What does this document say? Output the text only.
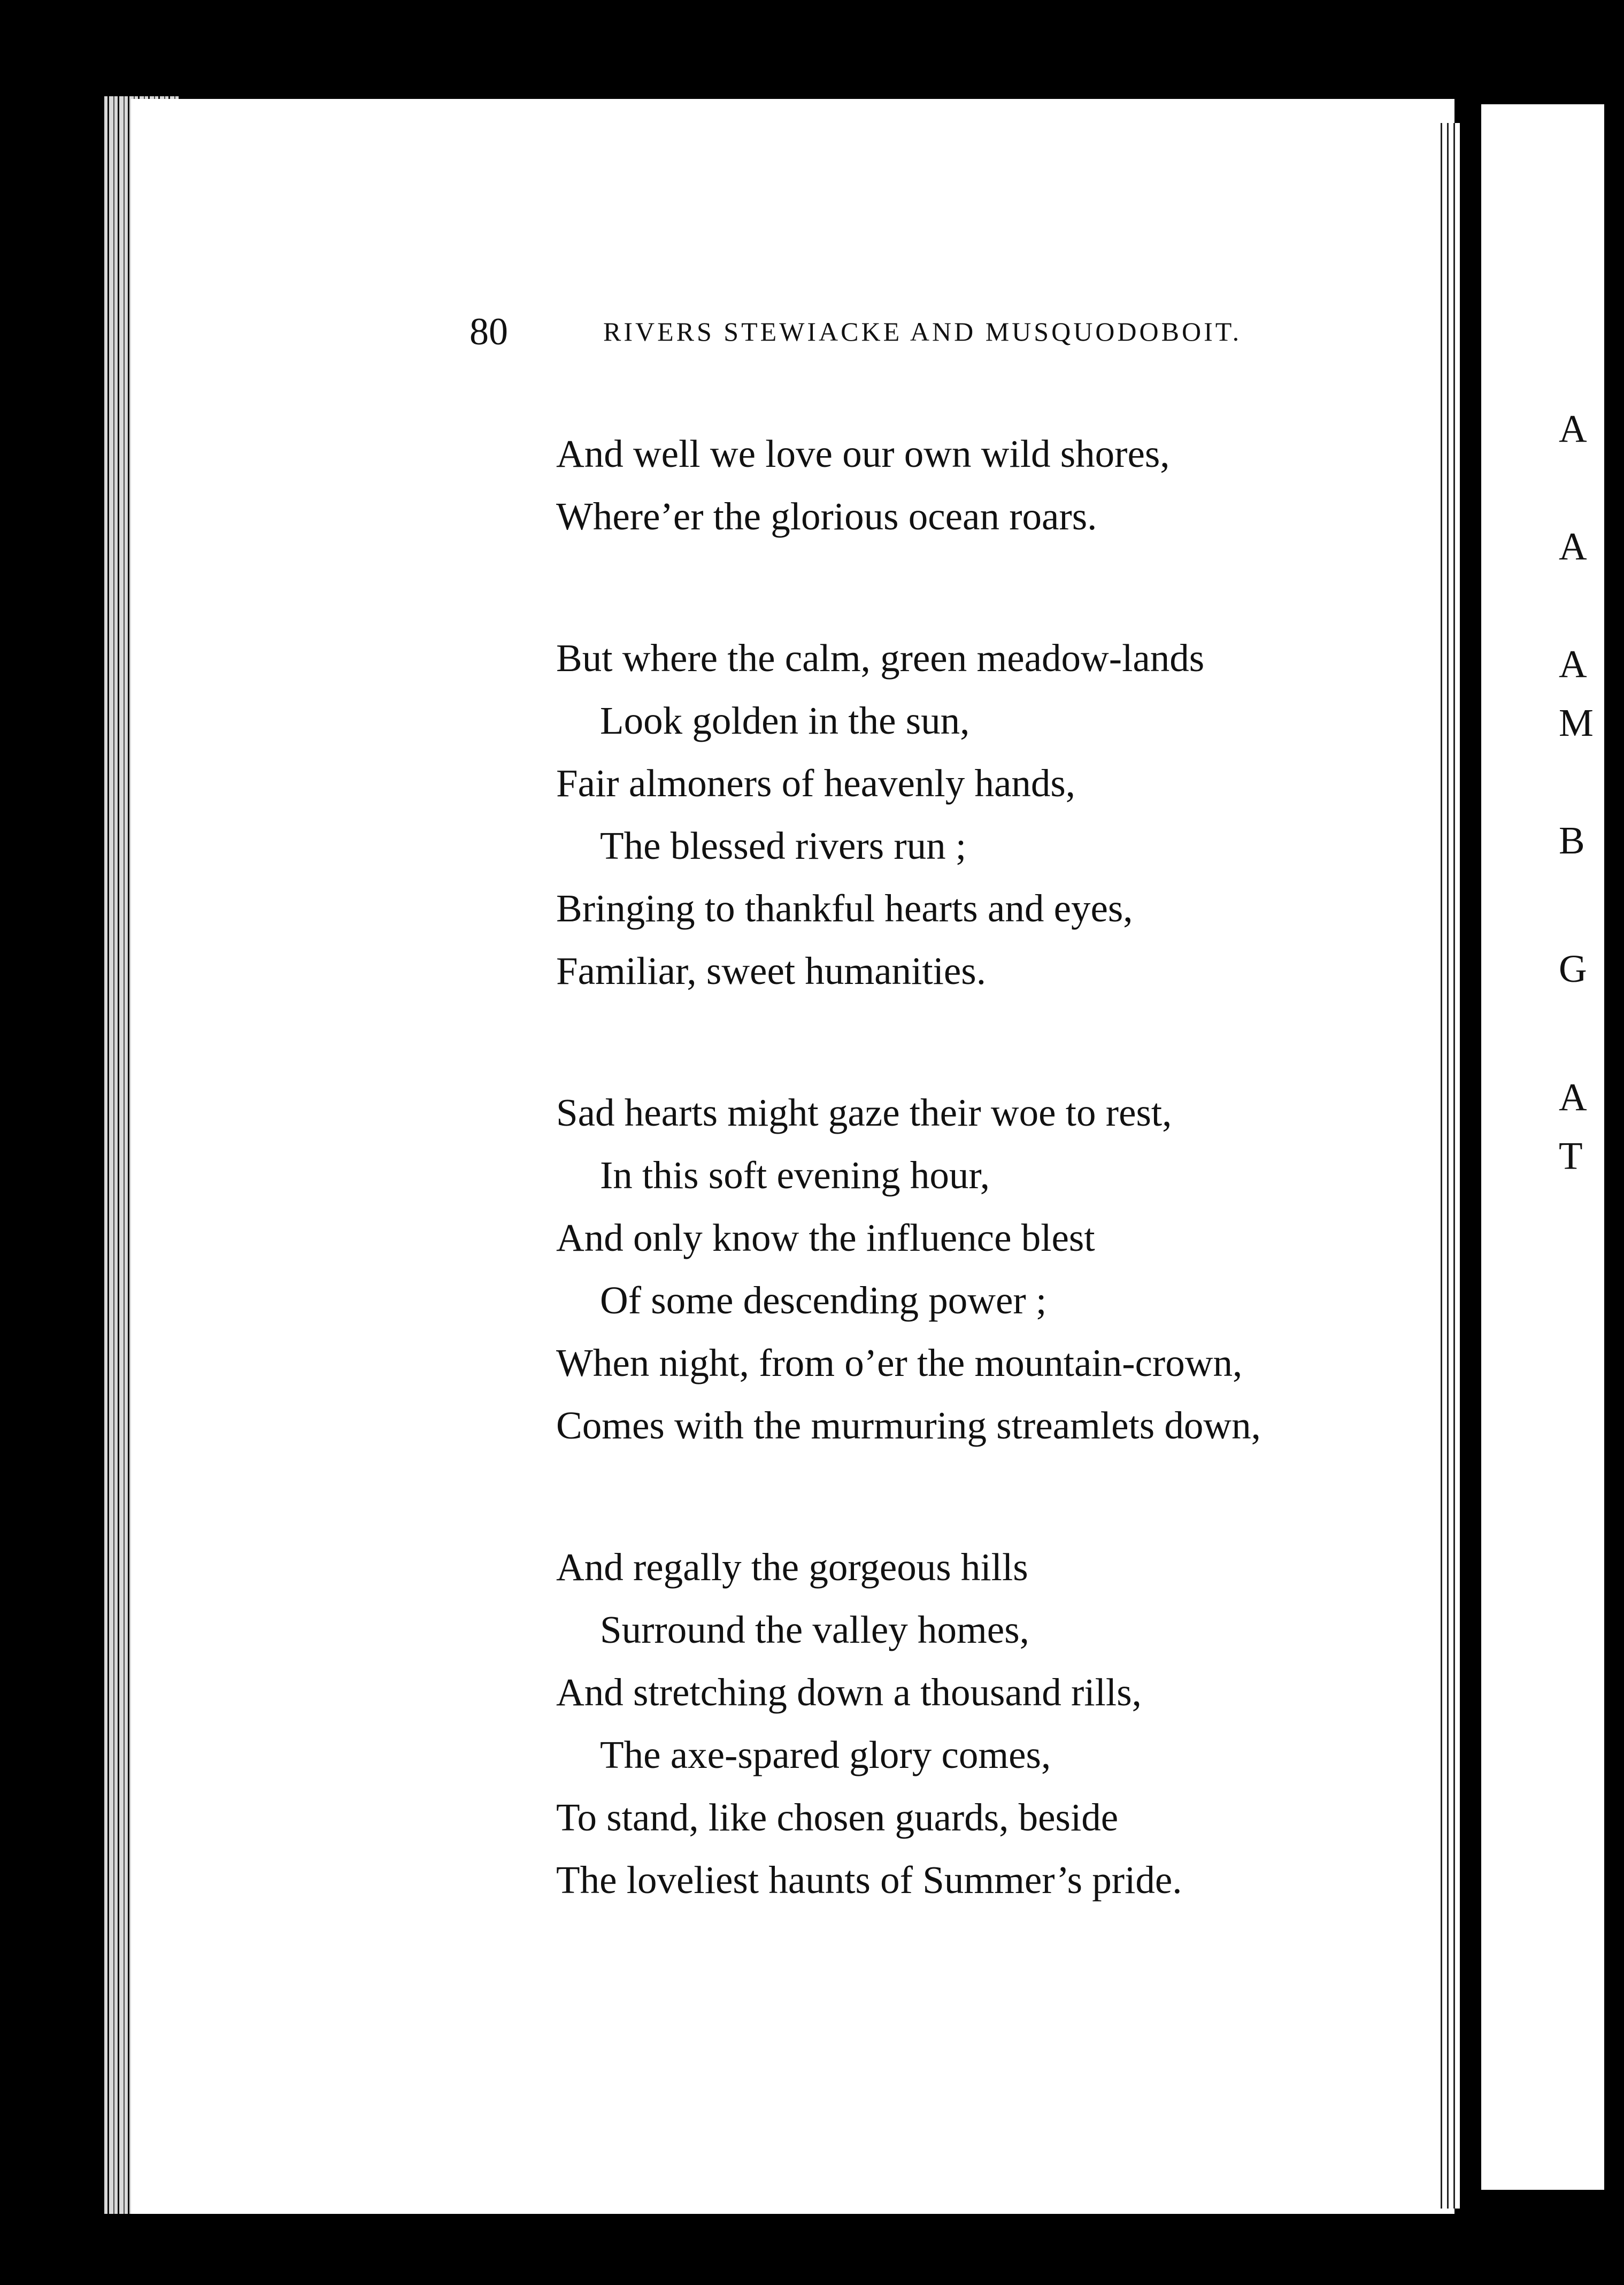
80	RIVERS STEWIACKE AND MUSQUODOBOIT.
And well we love our own wild shores,
Where’er the glorious ocean roars.
But where the calm, green meadow-lands
Look golden in the sun,
Fair almoners of heavenly hands,
The blessed rivers run ;
Bringing to thankful hearts and eyes,
Familiar, sweet humanities.
Sad hearts might gaze their woe to rest,
In this soft evening hour,
And only know the influence blest
Of some descending power ;
When night, from o’er the mountain-crown,
Comes with the murmuring streamlets down,
And regally the gorgeous hills
Surround the valley homes,
And stretching down a thousand rills,
The axe-spared glory comes,
To stand, like chosen guards, beside
The loveliest haunts of Summer’s pride.
A
A
A
M
B
G
A
T
